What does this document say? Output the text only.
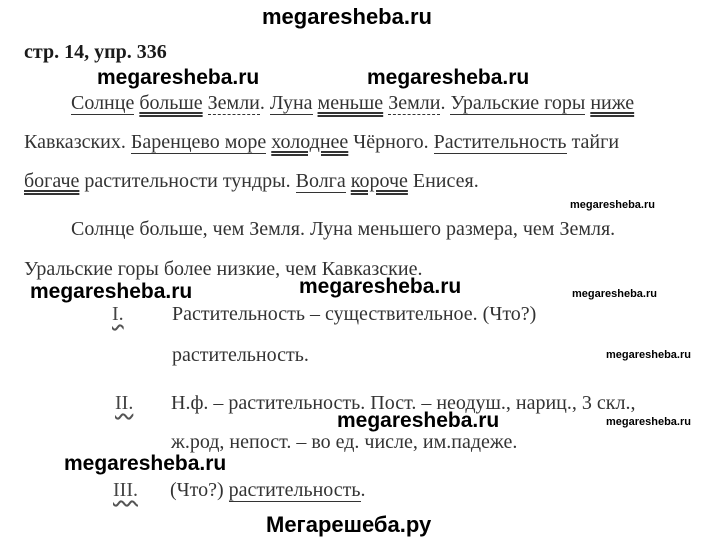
megaresheba.ru
стр. 14, упр. 336
megaresheba.ru	megaresheba.ru
megaresheba.ru
megaresheba.ru	megaresheba.ru	megaresheba.ru
megaresheba.ru
megaresheba.ru	megaresheba.ru
megaresheba.ru
Солнце больше Земли. Луна меньше Земли. Уральские горы ниже
Кавказских. Баренцево море холоднее Чёрного. Растительность тайги
богаче растительности тундры. Волга короче Енисея.
Солнце больше, чем Земля. Луна меньшего размера, чем Земля.
Уральские горы более низкие, чем Кавказские.
I. Растительность – существительное. (Что?)
растительность.
II. Н.ф. – растительность. Пост. – неодуш., нариц., 3 скл.,
ж.род, непост. – во ед. числе, им.падеже.
III. (Что?) растительность.
Мегарешеба.ру
